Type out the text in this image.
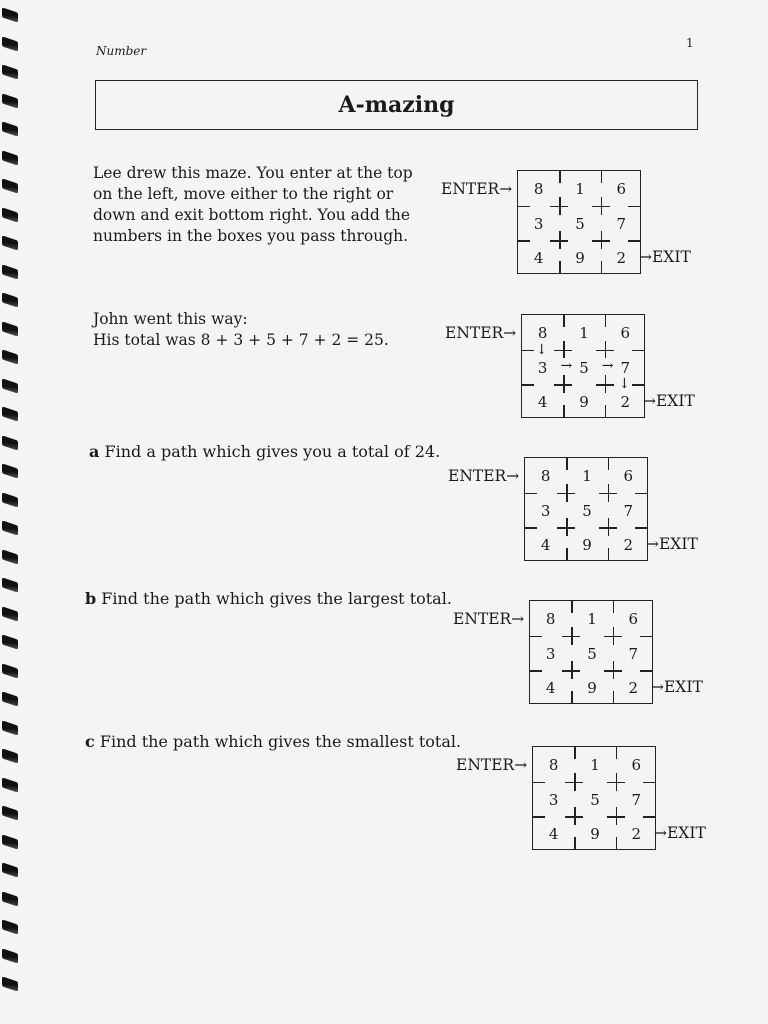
Number
1
A-mazing
Lee drew this maze. You enter at the top
on the left, move either to the right or
down and exit bottom right. You add the
numbers in the boxes you pass through.
John went this way:
His total was 8 + 3 + 5 + 7 + 2 = 25.
a Find a path which gives you a total of 24.
b Find the path which gives the largest total.
c Find the path which gives the smallest total.
ENTER→	8	1	6
3	5	7
4	9	2 →EXIT
ENTER→	8	1	6
3	5	7
4	9	2
↓
→ →
↓
→EXIT
ENTER→	8	1	6
3	5	7
4	9	2 →EXIT
ENTER→	8	1	6
3	5	7
4	9	2 →EXIT
ENTER→	8	1	6
3	5	7
4	9	2 →EXIT
